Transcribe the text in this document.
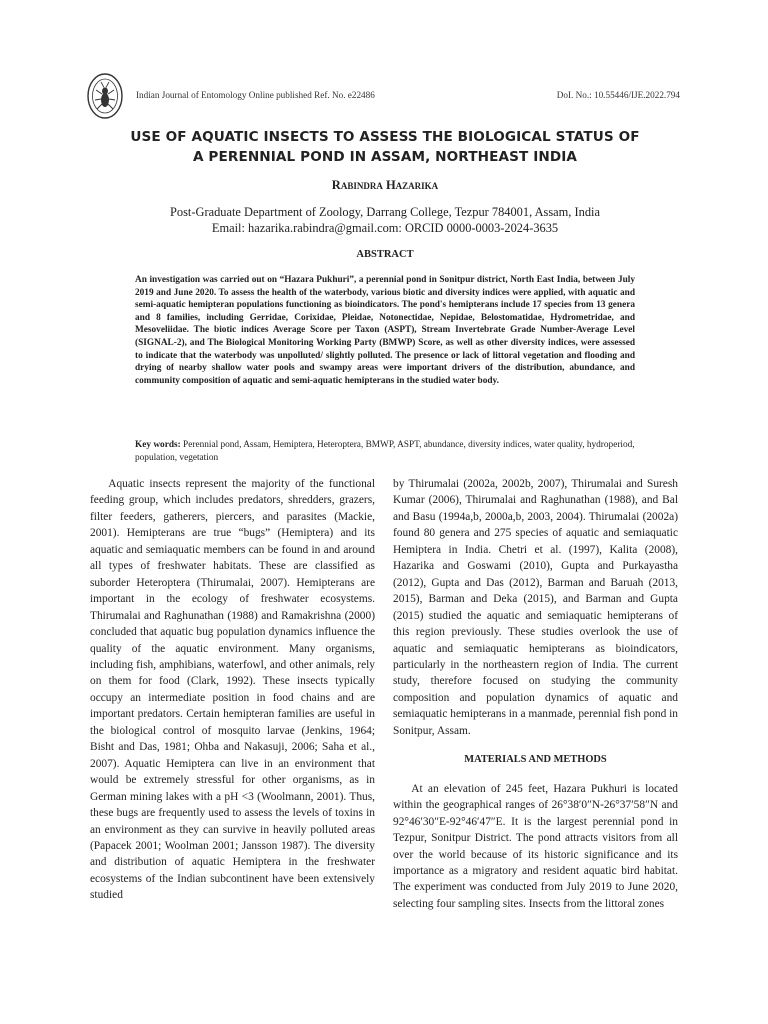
Indian Journal of Entomology Online published Ref. No. e22486	DoI. No.: 10.55446/IJE.2022.794
USE OF AQUATIC INSECTS TO ASSESS THE BIOLOGICAL STATUS OF
A PERENNIAL POND IN ASSAM, NORTHEAST INDIA
Rabindra Hazarika
Post-Graduate Department of Zoology, Darrang College, Tezpur 784001, Assam, India
Email: hazarika.rabindra@gmail.com: ORCID 0000-0003-2024-3635
ABSTRACT
An investigation was carried out on “Hazara Pukhuri”, a perennial pond in Sonitpur district, North East India, between July 2019 and June 2020. To assess the health of the waterbody, various biotic and diversity indices were applied, with aquatic and semi-aquatic hemipteran populations functioning as bioindicators. The pond's hemipterans include 17 species from 13 genera and 8 families, including Gerridae, Corixidae, Pleidae, Notonectidae, Nepidae, Belostomatidae, Hydrometridae, and Mesoveliidae. The biotic indices Average Score per Taxon (ASPT), Stream Invertebrate Grade Number-Average Level (SIGNAL-2), and The Biological Monitoring Working Party (BMWP) Score, as well as other diversity indices, were assessed to indicate that the waterbody was unpolluted/ slightly polluted. The presence or lack of littoral vegetation and flooding and drying of nearby shallow water pools and swampy areas were important drivers of the distribution, abundance, and community composition of aquatic and semi-aquatic hemipterans in the studied water body.
Key words: Perennial pond, Assam, Hemiptera, Heteroptera, BMWP, ASPT, abundance, diversity indices, water quality, hydroperiod, population, vegetation

Aquatic insects represent the majority of the functional feeding group, which includes predators, shredders, grazers, filter feeders, gatherers, piercers, and parasites (Mackie, 2001). Hemipterans are true “bugs” (Hemiptera) and its aquatic and semiaquatic members can be found in and around all types of freshwater habitats. These are classified as suborder Heteroptera (Thirumalai, 2007). Hemipterans are important in the ecology of freshwater ecosystems. Thirumalai and Raghunathan (1988) and Ramakrishna (2000) concluded that aquatic bug population dynamics influence the quality of the aquatic environment. Many organisms, including fish, amphibians, waterfowl, and other animals, rely on them for food (Clark, 1992). These insects typically occupy an intermediate position in food chains and are important predators. Certain hemipteran families are useful in the biological control of mosquito larvae (Jenkins, 1964; Bisht and Das, 1981; Ohba and Nakasuji, 2006; Saha et al., 2007). Aquatic Hemiptera can live in an environment that would be extremely stressful for other organisms, as in German mining lakes with a pH <3 (Woolmann, 2001). Thus, these bugs are frequently used to assess the levels of toxins in an environment as they can survive in heavily polluted areas (Papacek 2001; Woolman 2001; Jansson 1987). The diversity and distribution of aquatic Hemiptera in the freshwater ecosystems of the Indian subcontinent have been extensively studied

by Thirumalai (2002a, 2002b, 2007), Thirumalai and Suresh Kumar (2006), Thirumalai and Raghunathan (1988), and Bal and Basu (1994a,b, 2000a,b, 2003, 2004). Thirumalai (2002a) found 80 genera and 275 species of aquatic and semiaquatic Hemiptera in India. Chetri et al. (1997), Kalita (2008), Hazarika and Goswami (2010), Gupta and Purkayastha (2012), Gupta and Das (2012), Barman and Baruah (2013, 2015), Barman and Deka (2015), and Barman and Gupta (2015) studied the aquatic and semiaquatic hemipterans of this region previously. These studies overlook the use of aquatic and semiaquatic hemipterans as bioindicators, particularly in the northeastern region of India. The current study, therefore focused on studying the community composition and population dynamics of aquatic and semiaquatic hemipterans in a manmade, perennial fish pond in Sonitpur, Assam.

MATERIALS AND METHODS

At an elevation of 245 feet, Hazara Pukhuri is located within the geographical ranges of 26°38′0″N-26°37′58″N and 92°46′30″E-92°46′47″E. It is the largest perennial pond in Tezpur, Sonitpur District. The pond attracts visitors from all over the world because of its historic significance and its importance as a migratory and resident aquatic bird habitat. The experiment was conducted from July 2019 to June 2020, selecting four sampling sites. Insects from the littoral zones
